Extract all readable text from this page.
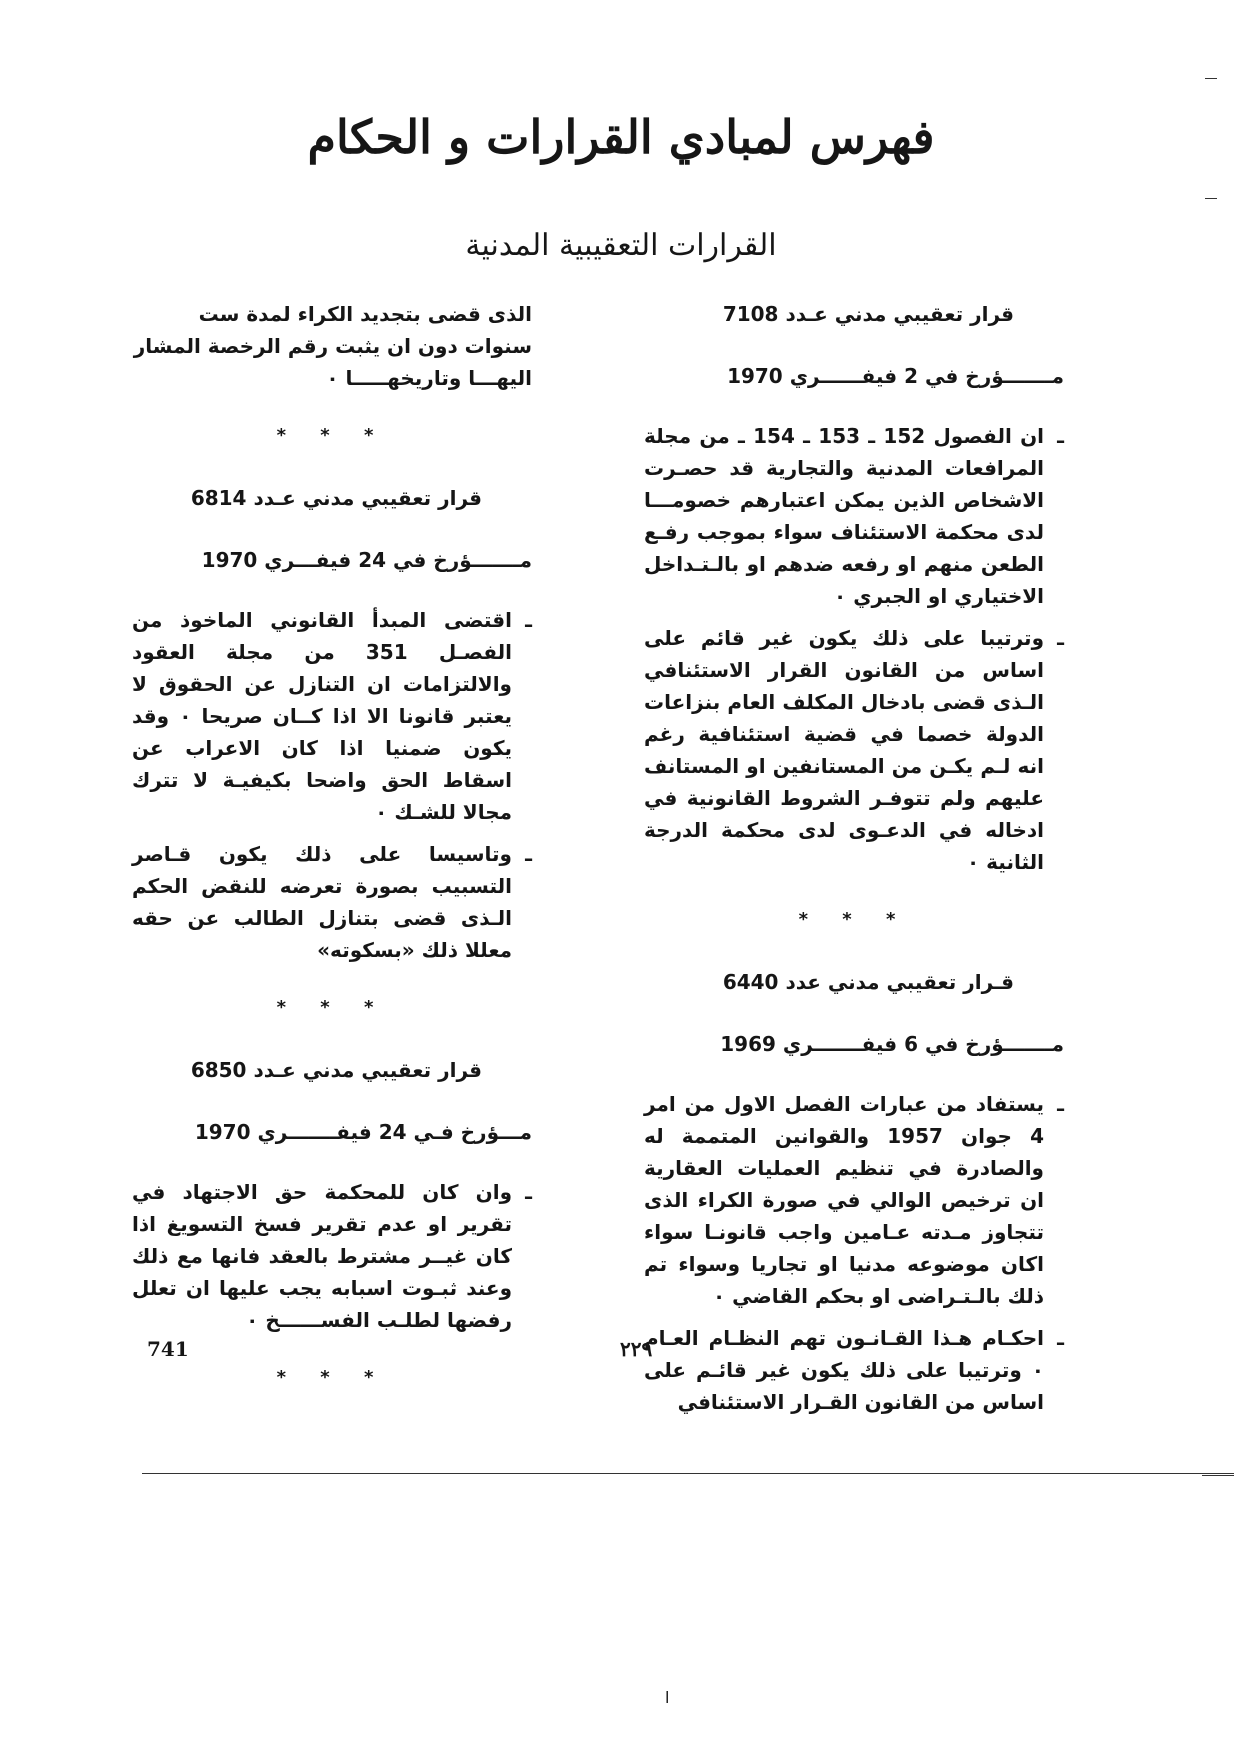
فهرس لمبادي القرارات و الحكام
القرارات التعقيبية المدنية

قرار تعقيبي مدني عـدد 7108

مـــــــؤرخ في 2 فيفــــــري 1970

ـ
ان الفصول 152 ـ 153 ـ 154 ـ من مجلة المرافعات المدنية والتجارية قد حصـرت الاشخاص الذين يمكن اعتبارهم خصومـــا لدى محكمة الاستئناف سواء بموجب رفـع الطعن منهم او رفعه ضدهم او بالـتـداخل الاختياري او الجبري ٠
ـ
وترتيبا على ذلك يكون غير قائم على اساس من القانون القرار الاستئنافي الـذى قضى بادخال المكلف العام بنزاعات الدولة خصما في قضية استئنافية رغم انه لـم يكـن من المستانفين او المستانف عليهم ولم تتوفـر الشروط القانونية في ادخاله في الدعـوى لدى محكمة الدرجة الثانية ٠
* * *

قـرار تعقيبي مدني عدد 6440

مـــــــؤرخ في 6 فيفـــــــري 1969

ـ
يستفاد من عبارات الفصل الاول من امر 4 جوان 1957 والقوانين المتممة له والصادرة في تنظيم العمليات العقارية ان ترخيص الوالي في صورة الكراء الذى تتجاوز مـدته عـامين واجب قانونـا سواء اكان موضوعه مدنيا او تجاريا وسواء تم ذلك بالـتـراضى او بحكم القاضي ٠
ـ
احكـام هـذا القـانـون تهم النظـام العـام ٠ وترتيبا على ذلك يكون غير قائـم على اساس من القانون القـرار الاستئنافي

الذى قضى بتجديد الكراء لمدة ست سنوات دون ان يثبت رقم الرخصة المشار اليهـــا وتاريخهـــــا ٠

* * *

قرار تعقيبي مدني عـدد 6814

مـــــــؤرخ في 24 فيفـــري 1970

ـ
اقتضى المبدأ القانوني الماخوذ من الفصـل 351 من مجلة العقود والالتزامات ان التنازل عن الحقوق لا يعتبر قانونا الا اذا كــان صريحا ٠ وقد يكون ضمنيا اذا كان الاعراب عن اسقاط الحق واضحا بكيفيـة لا تترك مجالا للشـك ٠
ـ
وتاسيسا على ذلك يكون قـاصر التسبيب بصورة تعرضه للنقض الحكم الـذى قضى بتنازل الطالب عن حقه معللا ذلك «بسكوته»
* * *

قرار تعقيبي مدني عـدد 6850

مـــؤرخ فـي 24 فيفـــــــري 1970

ـ
وان كان للمحكمة حق الاجتهاد في تقرير او عدم تقرير فسخ التسويغ اذا كان غيــر مشترط بالعقد فانها مع ذلك وعند ثبـوت اسبابه يجب عليها ان تعلل رفضها لطلـب الفســــــخ ٠
* * *
741	٢٢٩
ا
